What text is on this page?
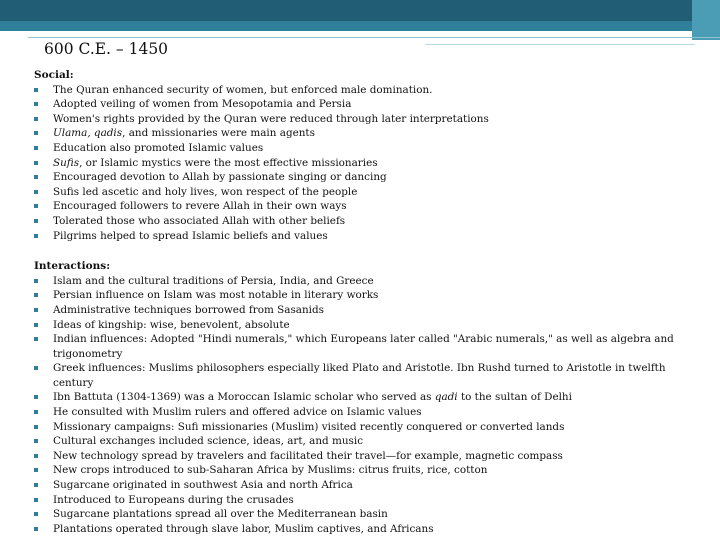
600 C.E. – 1450

Social:

The Quran enhanced security of women, but enforced male domination.
Adopted veiling of women from Mesopotamia and Persia
Women's rights provided by the Quran were reduced through later interpretations
Ulama, qadis, and missionaries were main agents
Education also promoted Islamic values
Sufis, or Islamic mystics were the most effective missionaries
Encouraged devotion to Allah by passionate singing or dancing
Sufis led ascetic and holy lives, won respect of the people
Encouraged followers to revere Allah in their own ways
Tolerated those who associated Allah with other beliefs
Pilgrims helped to spread Islamic beliefs and values

Interactions:

Islam and the cultural traditions of Persia, India, and Greece
Persian influence on Islam was most notable in literary works
Administrative techniques borrowed from Sasanids
Ideas of kingship: wise, benevolent, absolute
Indian influences: Adopted "Hindi numerals," which Europeans later called "Arabic numerals," as well as algebra and trigonometry
Greek influences: Muslims philosophers especially liked Plato and Aristotle. Ibn Rushd turned to Aristotle in twelfth century
Ibn Battuta (1304-1369) was a Moroccan Islamic scholar who served as qadi to the sultan of Delhi
He consulted with Muslim rulers and offered advice on Islamic values
Missionary campaigns: Sufi missionaries (Muslim) visited recently conquered or converted lands
Cultural exchanges included science, ideas, art, and music
New technology spread by travelers and facilitated their travel—for example, magnetic compass
New crops introduced to sub-Saharan Africa by Muslims: citrus fruits, rice, cotton
Sugarcane originated in southwest Asia and north Africa
Introduced to Europeans during the crusades
Sugarcane plantations spread all over the Mediterranean basin
Plantations operated through slave labor, Muslim captives, and Africans
